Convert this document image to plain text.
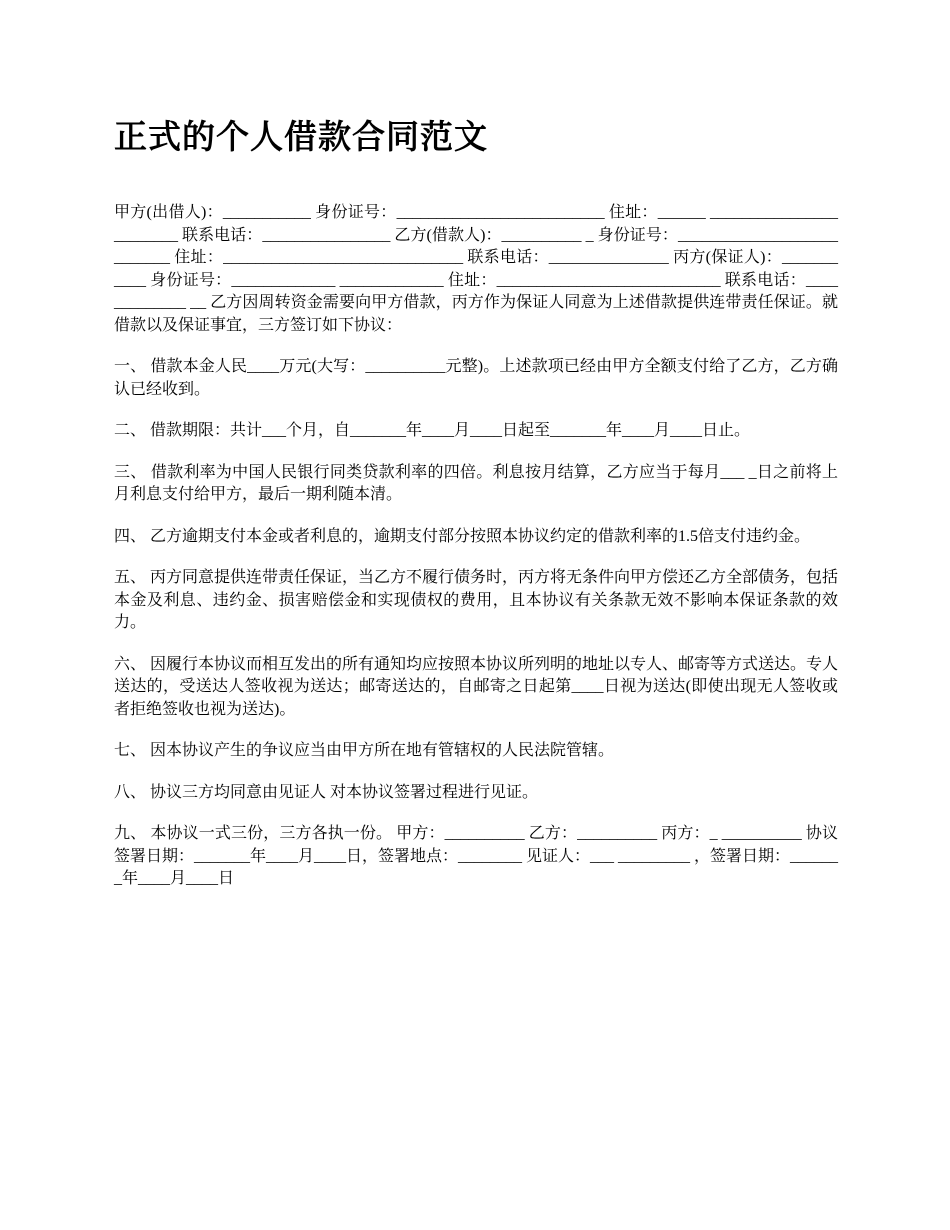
正式的个人借款合同范文

甲方(出借人)：___________ 身份证号：__________________________ 住址：______ ________________________ 联系电话：________________ 乙方(借款人)：__________ _ 身份证号：___________________________ 住址：______________________________ 联系电话：_______________ 丙方(保证人)：___________ 身份证号：_____________ _____________ 住址：____________________________ 联系电话：_____________ __ 乙方因周转资金需要向甲方借款，丙方作为保证人同意为上述借款提供连带责任保证。就借款以及保证事宜，三方签订如下协议：

一、 借款本金人民____万元(大写：__________元整)。上述款项已经由甲方全额支付给了乙方，乙方确认已经收到。

二、 借款期限：共计___个月，自_______年____月____日起至_______年____月____日止。

三、 借款利率为中国人民银行同类贷款利率的四倍。利息按月结算，乙方应当于每月___ _日之前将上月利息支付给甲方，最后一期利随本清。

四、 乙方逾期支付本金或者利息的，逾期支付部分按照本协议约定的借款利率的1.5倍支付违约金。

五、 丙方同意提供连带责任保证，当乙方不履行债务时，丙方将无条件向甲方偿还乙方全部债务，包括本金及利息、违约金、损害赔偿金和实现债权的费用，且本协议有关条款无效不影响本保证条款的效力。

六、 因履行本协议而相互发出的所有通知均应按照本协议所列明的地址以专人、邮寄等方式送达。专人送达的，受送达人签收视为送达；邮寄送达的，自邮寄之日起第____日视为送达(即使出现无人签收或者拒绝签收也视为送达)。

七、 因本协议产生的争议应当由甲方所在地有管辖权的人民法院管辖。

八、 协议三方均同意由见证人 对本协议签署过程进行见证。

九、 本协议一式三份，三方各执一份。 甲方：__________ 乙方：__________ 丙方：_ __________ 协议签署日期：_______年____月____日，签署地点：________ 见证人：___ _________ ，签署日期：_______年____月____日
